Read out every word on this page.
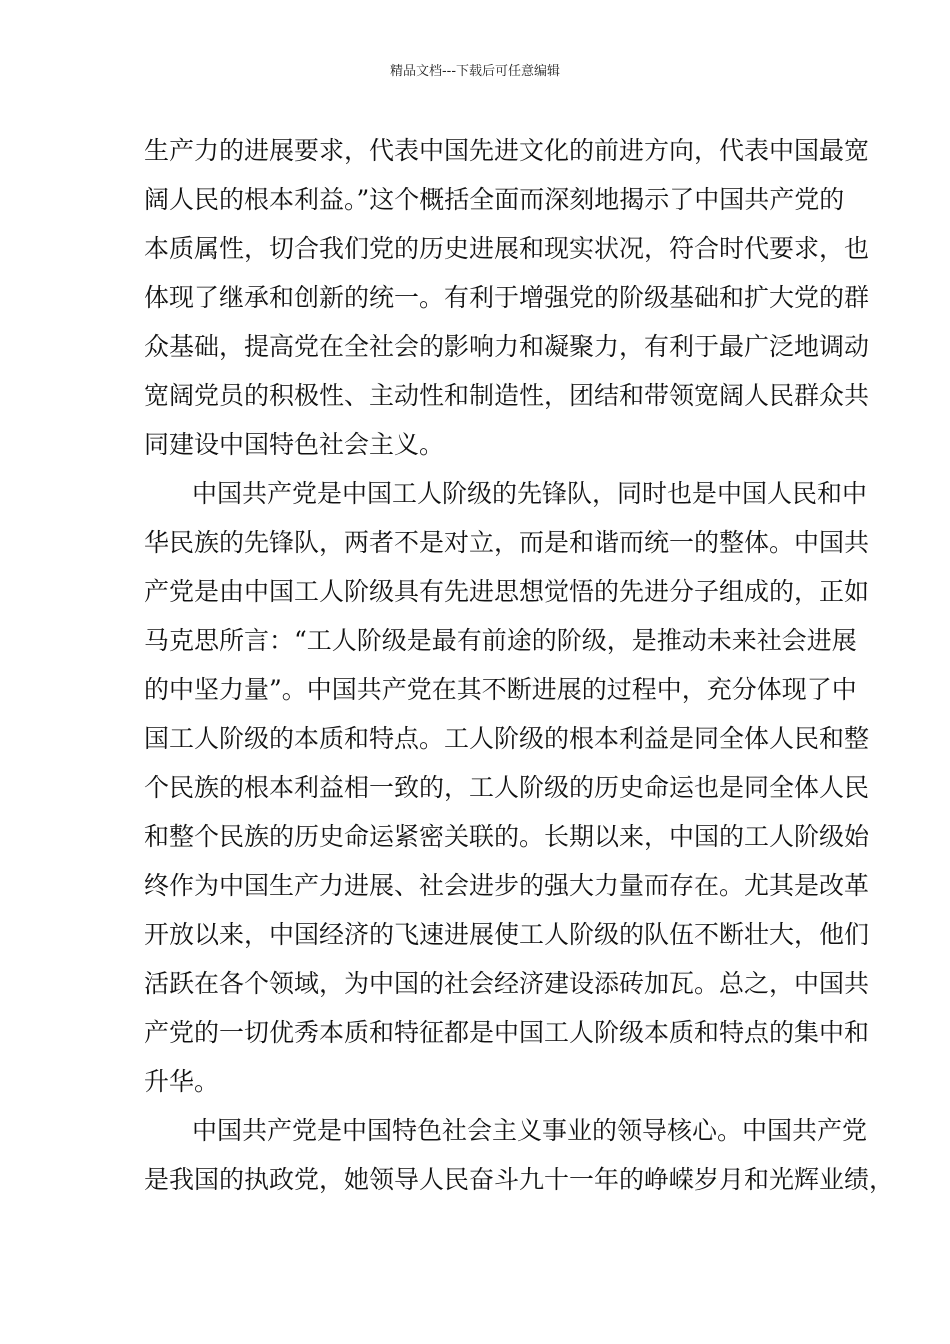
精品文档---下载后可任意编辑
生产力的进展要求，代表中国先进文化的前进方向，代表中国最宽
阔人民的根本利益。”这个概括全面而深刻地揭示了中国共产党的
本质属性，切合我们党的历史进展和现实状况，符合时代要求，也
体现了继承和创新的统一。有利于增强党的阶级基础和扩大党的群
众基础，提高党在全社会的影响力和凝聚力，有利于最广泛地调动
宽阔党员的积极性、主动性和制造性，团结和带领宽阔人民群众共
同建设中国特色社会主义。
中国共产党是中国工人阶级的先锋队，同时也是中国人民和中
华民族的先锋队，两者不是对立，而是和谐而统一的整体。中国共
产党是由中国工人阶级具有先进思想觉悟的先进分子组成的，正如
马克思所言：“工人阶级是最有前途的阶级，是推动未来社会进展
的中坚力量”。中国共产党在其不断进展的过程中，充分体现了中
国工人阶级的本质和特点。工人阶级的根本利益是同全体人民和整
个民族的根本利益相一致的，工人阶级的历史命运也是同全体人民
和整个民族的历史命运紧密关联的。长期以来，中国的工人阶级始
终作为中国生产力进展、社会进步的强大力量而存在。尤其是改革
开放以来，中国经济的飞速进展使工人阶级的队伍不断壮大，他们
活跃在各个领域，为中国的社会经济建设添砖加瓦。总之，中国共
产党的一切优秀本质和特征都是中国工人阶级本质和特点的集中和
升华。
中国共产党是中国特色社会主义事业的领导核心。中国共产党
是我国的执政党，她领导人民奋斗九十一年的峥嵘岁月和光辉业绩，
